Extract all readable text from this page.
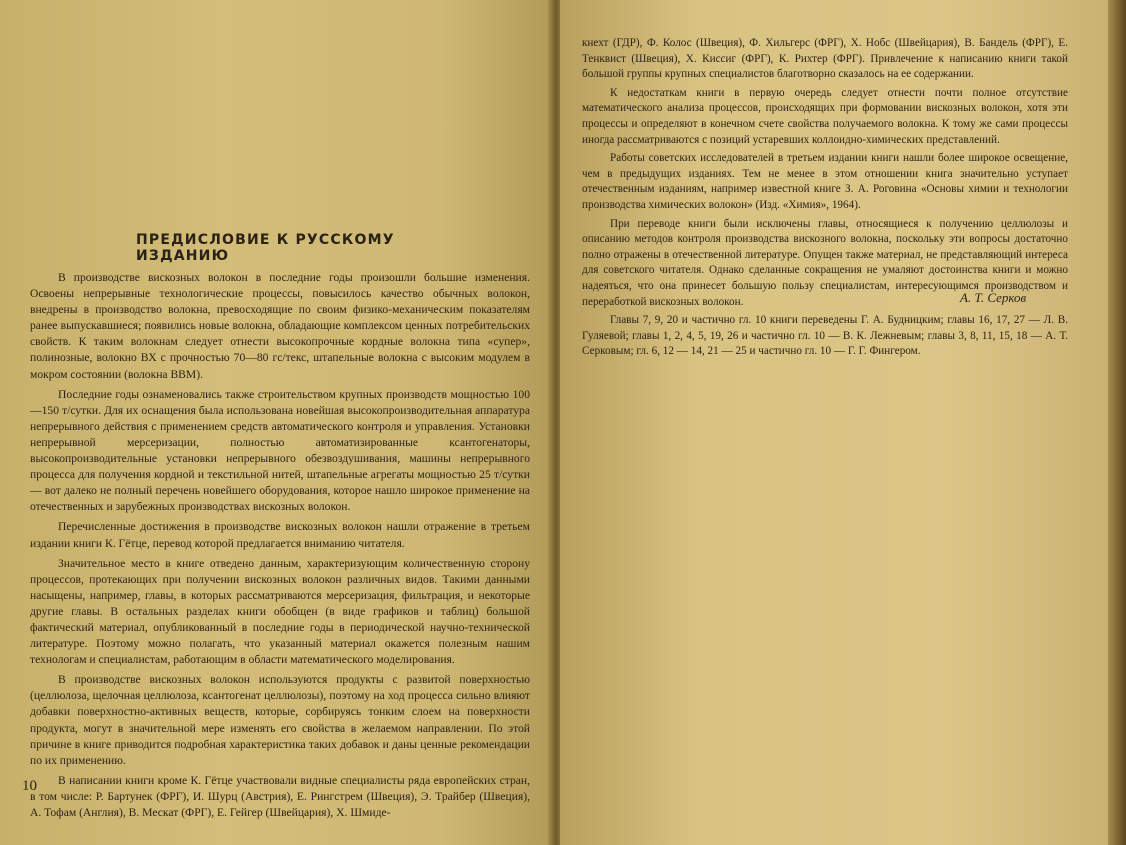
ПРЕДИСЛОВИЕ К РУССКОМУ ИЗДАНИЮ

В производстве вискозных волокон в последние годы произошли большие изменения. Освоены непрерывные технологические процессы, повысилось качество обычных волокон, внедрены в производство волокна, превосходящие по своим физико-механическим показателям ранее выпускавшиеся; появились новые волокна, обладающие комплексом ценных потребительских свойств. К таким волокнам следует отнести высокопрочные кордные волокна типа «супер», полинозные, волокно ВХ с прочностью 70—80 гс/текс, штапельные волокна с высоким модулем в мокром состоянии (волокна ВВМ).

Последние годы ознаменовались также строительством крупных производств мощностью 100—150 т/сутки. Для их оснащения была использована новейшая высокопроизводительная аппаратура непрерывного действия с применением средств автоматического контроля и управления. Установки непрерывной мерсеризации, полностью автоматизированные ксантогенаторы, высокопроизводительные установки непрерывного обезвоздушивания, машины непрерывного процесса для получения кордной и текстильной нитей, штапельные агрегаты мощностью 25 т/сутки — вот далеко не полный перечень новейшего оборудования, которое нашло широкое применение на отечественных и зарубежных производствах вискозных волокон.

Перечисленные достижения в производстве вискозных волокон нашли отражение в третьем издании книги К. Гётце, перевод которой предлагается вниманию читателя.

Значительное место в книге отведено данным, характеризующим количественную сторону процессов, протекающих при получении вискозных волокон различных видов. Такими данными насыщены, например, главы, в которых рассматриваются мерсеризация, фильтрация, и некоторые другие главы. В остальных разделах книги обобщен (в виде графиков и таблиц) большой фактический материал, опубликованный в последние годы в периодической научно-технической литературе. Поэтому можно полагать, что указанный материал окажется полезным нашим технологам и специалистам, работающим в области математического моделирования.

В производстве вискозных волокон используются продукты с развитой поверхностью (целлюлоза, щелочная целлюлоза, ксантогенат целлюлозы), поэтому на ход процесса сильно влияют добавки поверхностно-активных веществ, которые, сорбируясь тонким слоем на поверхности продукта, могут в значительной мере изменять его свойства в желаемом направлении. По этой причине в книге приводится подробная характеристика таких добавок и даны ценные рекомендации по их применению.

В написании книги кроме К. Гётце участвовали видные специалисты ряда европейских стран, в том числе: Р. Бартунек (ФРГ), И. Шурц (Австрия), Е. Рингстрем (Швеция), Э. Трайбер (Швеция), А. Тофам (Англия), В. Мескат (ФРГ), Е. Гейгер (Швейцария), Х. Шмиде-

10

кнехт (ГДР), Ф. Колос (Швеция), Ф. Хильгерс (ФРГ), Х. Нобс (Швейцария), В. Бандель (ФРГ), Е. Тенквист (Швеция), Х. Киссиг (ФРГ), К. Рихтер (ФРГ). Привлечение к написанию книги такой большой группы крупных специалистов благотворно сказалось на ее содержании.

К недостаткам книги в первую очередь следует отнести почти полное отсутствие математического анализа процессов, происходящих при формовании вискозных волокон, хотя эти процессы и определяют в конечном счете свойства получаемого волокна. К тому же сами процессы иногда рассматриваются с позиций устаревших коллоидно-химических представлений.

Работы советских исследователей в третьем издании книги нашли более широкое освещение, чем в предыдущих изданиях. Тем не менее в этом отношении книга значительно уступает отечественным изданиям, например известной книге З. А. Роговина «Основы химии и технологии производства химических волокон» (Изд. «Химия», 1964).

При переводе книги были исключены главы, относящиеся к получению целлюлозы и описанию методов контроля производства вискозного волокна, поскольку эти вопросы достаточно полно отражены в отечественной литературе. Опущен также материал, не представляющий интереса для советского читателя. Однако сделанные сокращения не умаляют достоинства книги и можно надеяться, что она принесет большую пользу специалистам, интересующимся производством и переработкой вискозных волокон.

Главы 7, 9, 20 и частично гл. 10 книги переведены Г. А. Будницким; главы 16, 17, 27 — Л. В. Гуляевой; главы 1, 2, 4, 5, 19, 26 и частично гл. 10 — В. К. Лежневым; главы 3, 8, 11, 15, 18 — А. Т. Серковым; гл. 6, 12 — 14, 21 — 25 и частично гл. 10 — Г. Г. Фингером.

А. Т. Серков
